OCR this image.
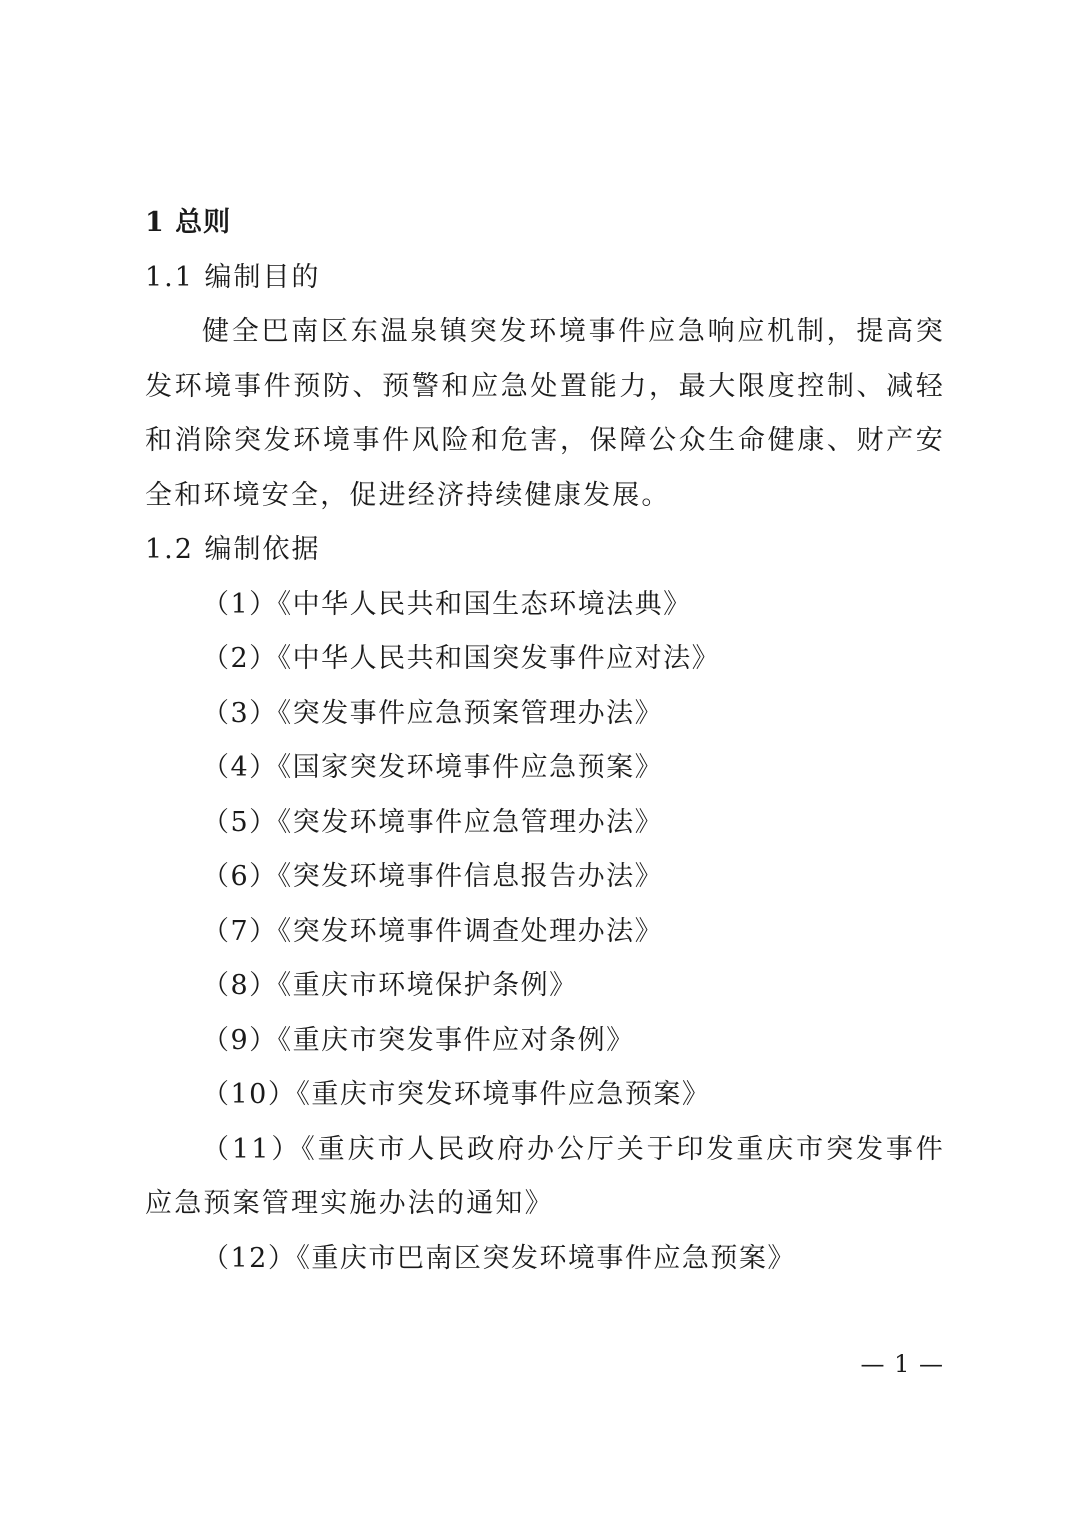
1 总则
1.1 编制目的

健全巴南区东温泉镇突发环境事件应急响应机制，提高突发环境事件预防、预警和应急处置能力，最大限度控制、减轻和消除突发环境事件风险和危害，保障公众生命健康、财产安全和环境安全，促进经济持续健康发展。

1.2 编制依据
（1）《中华人民共和国生态环境法典》
（2）《中华人民共和国突发事件应对法》
（3）《突发事件应急预案管理办法》
（4）《国家突发环境事件应急预案》
（5）《突发环境事件应急管理办法》
（6）《突发环境事件信息报告办法》
（7）《突发环境事件调查处理办法》
（8）《重庆市环境保护条例》
（9）《重庆市突发事件应对条例》
（10）《重庆市突发环境事件应急预案》

（11）《重庆市人民政府办公厅关于印发重庆市突发事件应急预案管理实施办法的通知》

（12）《重庆市巴南区突发环境事件应急预案》
— 1 —
